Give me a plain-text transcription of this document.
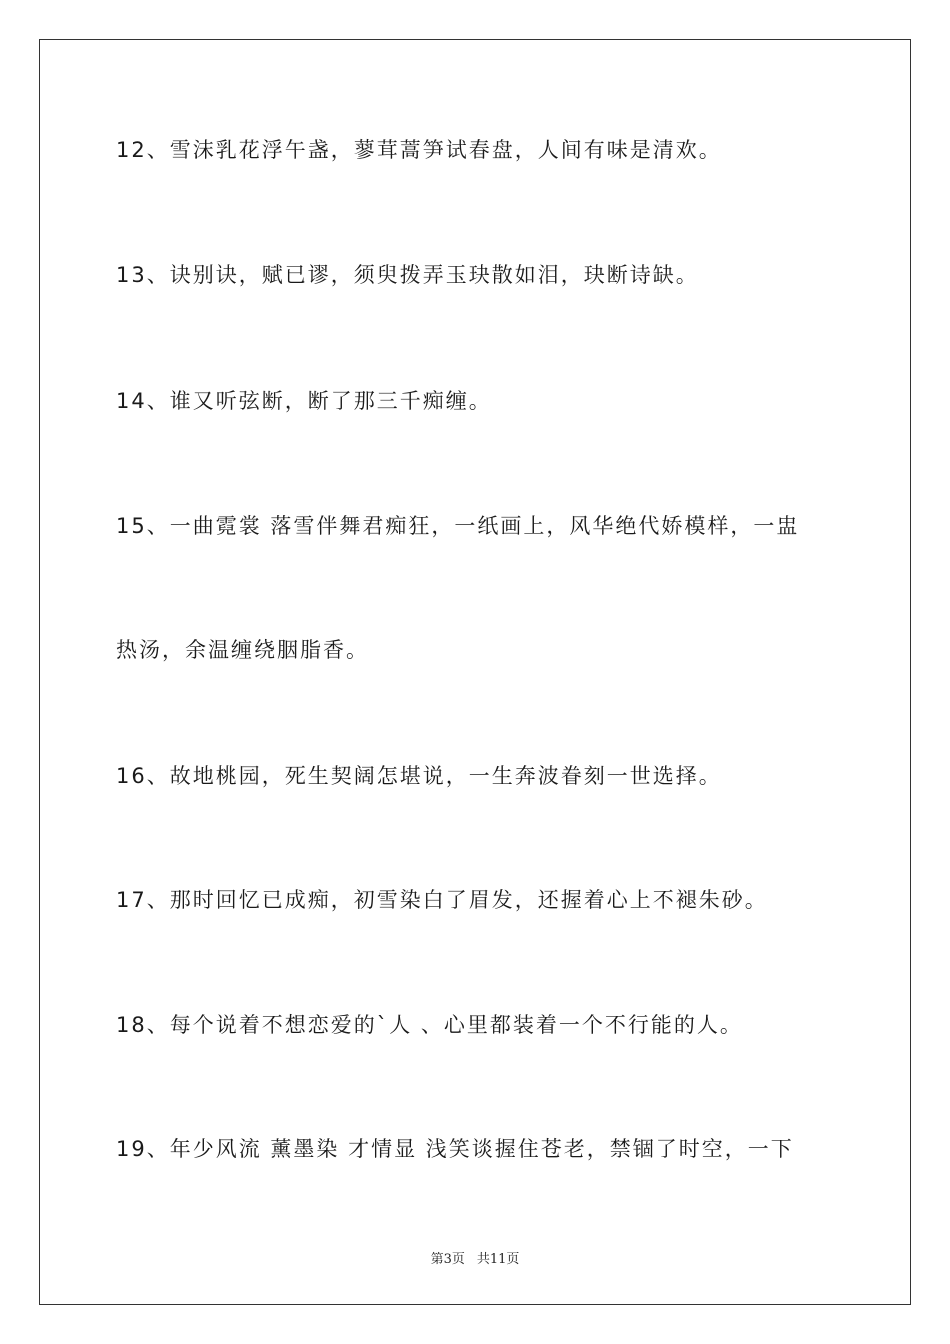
12、雪沫乳花浮午盏，蓼茸蒿笋试春盘，人间有味是清欢。
13、诀别诀，赋已谬，须臾拨弄玉玦散如泪，玦断诗缺。
14、谁又听弦断，断了那三千痴缠。
15、一曲霓裳 落雪伴舞君痴狂，一纸画上，风华绝代娇模样，一盅
热汤，余温缠绕胭脂香。
16、故地桃园，死生契阔怎堪说，一生奔波眷刻一世选择。
17、那时回忆已成痴，初雪染白了眉发，还握着心上不褪朱砂。
18、每个说着不想恋爱的`人 、心里都装着一个不行能的人。
19、年少风流 薰墨染 才情显 浅笑谈握住苍老，禁锢了时空，一下
第3页 共11页
